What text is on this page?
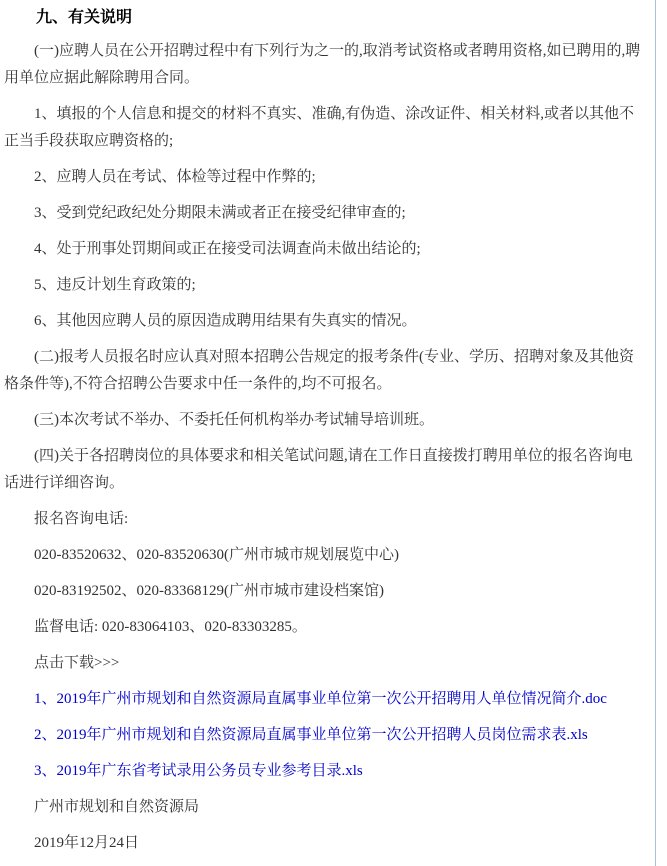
九、有关说明

(一)应聘人员在公开招聘过程中有下列行为之一的,取消考试资格或者聘用资格,如已聘用的,聘用单位应据此解除聘用合同。

1、填报的个人信息和提交的材料不真实、准确,有伪造、涂改证件、相关材料,或者以其他不正当手段获取应聘资格的;

2、应聘人员在考试、体检等过程中作弊的;

3、受到党纪政纪处分期限未满或者正在接受纪律审查的;

4、处于刑事处罚期间或正在接受司法调查尚未做出结论的;

5、违反计划生育政策的;

6、其他因应聘人员的原因造成聘用结果有失真实的情况。

(二)报考人员报名时应认真对照本招聘公告规定的报考条件(专业、学历、招聘对象及其他资格条件等),不符合招聘公告要求中任一条件的,均不可报名。

(三)本次考试不举办、不委托任何机构举办考试辅导培训班。

(四)关于各招聘岗位的具体要求和相关笔试问题,请在工作日直接拨打聘用单位的报名咨询电话进行详细咨询。

报名咨询电话:

020-83520632、020-83520630(广州市城市规划展览中心)

020-83192502、020-83368129(广州市城市建设档案馆)

监督电话: 020-83064103、020-83303285。

点击下载>>>

1、2019年广州市规划和自然资源局直属事业单位第一次公开招聘用人单位情况简介.doc

2、2019年广州市规划和自然资源局直属事业单位第一次公开招聘人员岗位需求表.xls

3、2019年广东省考试录用公务员专业参考目录.xls

广州市规划和自然资源局

2019年12月24日
